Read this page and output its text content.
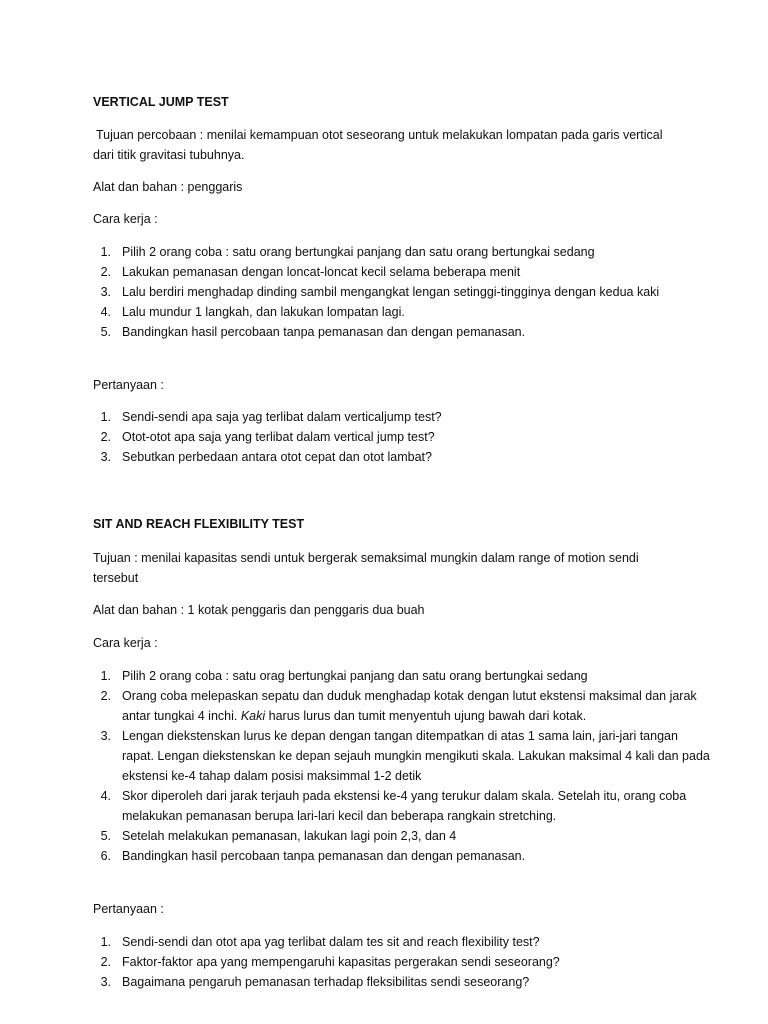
VERTICAL JUMP TEST

Tujuan percobaan : menilai kemampuan otot seseorang untuk melakukan lompatan pada garis vertical dari titik gravitasi tubuhnya.

Alat dan bahan : penggaris

Cara kerja :

Pilih 2 orang coba : satu orang bertungkai panjang dan satu orang bertungkai sedang
Lakukan pemanasan dengan loncat-loncat kecil selama beberapa menit
Lalu berdiri menghadap dinding sambil mengangkat lengan setinggi-tingginya dengan kedua kaki
Lalu mundur 1 langkah, dan lakukan lompatan lagi.
Bandingkan hasil percobaan tanpa pemanasan dan dengan pemanasan.

Pertanyaan :

Sendi-sendi apa saja yag terlibat dalam verticaljump test?
Otot-otot apa saja yang terlibat dalam vertical jump test?
Sebutkan perbedaan antara otot cepat dan otot lambat?

SIT AND REACH FLEXIBILITY TEST

Tujuan : menilai kapasitas sendi untuk bergerak semaksimal mungkin dalam range of motion sendi tersebut

Alat dan bahan : 1 kotak penggaris dan penggaris dua buah

Cara kerja :

Pilih 2 orang coba : satu orag bertungkai panjang dan satu orang bertungkai sedang
Orang coba melepaskan sepatu dan duduk menghadap kotak dengan lutut ekstensi maksimal dan jarak antar tungkai 4 inchi. Kaki harus lurus dan tumit menyentuh ujung bawah dari kotak.
Lengan diekstenskan lurus ke depan dengan tangan ditempatkan di atas 1 sama lain, jari-jari tangan rapat. Lengan diekstenskan ke depan sejauh mungkin mengikuti skala. Lakukan maksimal 4 kali dan pada ekstensi ke-4 tahap dalam posisi maksimmal 1-2 detik
Skor diperoleh dari jarak terjauh pada ekstensi ke-4 yang terukur dalam skala. Setelah itu, orang coba melakukan pemanasan berupa lari-lari kecil dan beberapa rangkain stretching.
Setelah melakukan pemanasan, lakukan lagi poin 2,3, dan 4
Bandingkan hasil percobaan tanpa pemanasan dan dengan pemanasan.

Pertanyaan :

Sendi-sendi dan otot apa yag terlibat dalam tes sit and reach flexibility test?
Faktor-faktor apa yang mempengaruhi kapasitas pergerakan sendi seseorang?
Bagaimana pengaruh pemanasan terhadap fleksibilitas sendi seseorang?
